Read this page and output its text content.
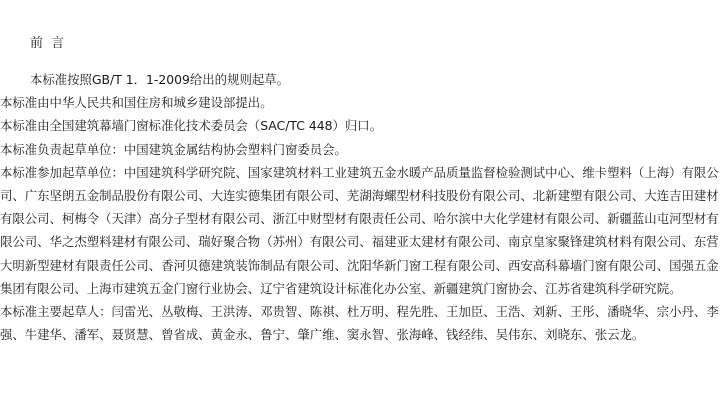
前 言

本标准按照GB/T 1．1-2009给出的规则起草。

本标准由中华人民共和国住房和城乡建设部提出。

本标准由全国建筑幕墙门窗标准化技术委员会（SAC/TC 448）归口。

本标准负责起草单位：中国建筑金属结构协会塑料门窗委员会。

本标准参加起草单位：中国建筑科学研究院、国家建筑材料工业建筑五金水暖产品质量监督检验测试中心、维卡塑料（上海）有限公司、广东坚朗五金制品股份有限公司、大连实德集团有限公司、芜湖海螺型材科技股份有限公司、北新建塑有限公司、大连吉田建材有限公司、柯梅令（天津）高分子型材有限公司、浙江中财型材有限责任公司、哈尔滨中大化学建材有限公司、新疆蓝山屯河型材有限公司、华之杰塑料建材有限公司、瑞好聚合物（苏州）有限公司、福建亚太建材有限公司、南京皇家聚锋建筑材料有限公司、东营大明新型建材有限责任公司、香河贝德建筑装饰制品有限公司、沈阳华新门窗工程有限公司、西安高科幕墙门窗有限公司、国强五金集团有限公司、上海市建筑五金门窗行业协会、辽宁省建筑设计标准化办公室、新疆建筑门窗协会、江苏省建筑科学研究院。

本标准主要起草人：闫雷光、丛敬梅、王洪涛、邓贵智、陈祺、杜万明、程先胜、王加臣、王浩、刘新、王彤、潘晓华、宗小丹、李强、牛建华、潘军、聂贤慧、曾省成、黄金永、鲁宁、肇广维、窦永智、张海峰、钱经纬、吴伟东、刘晓东、张云龙。
